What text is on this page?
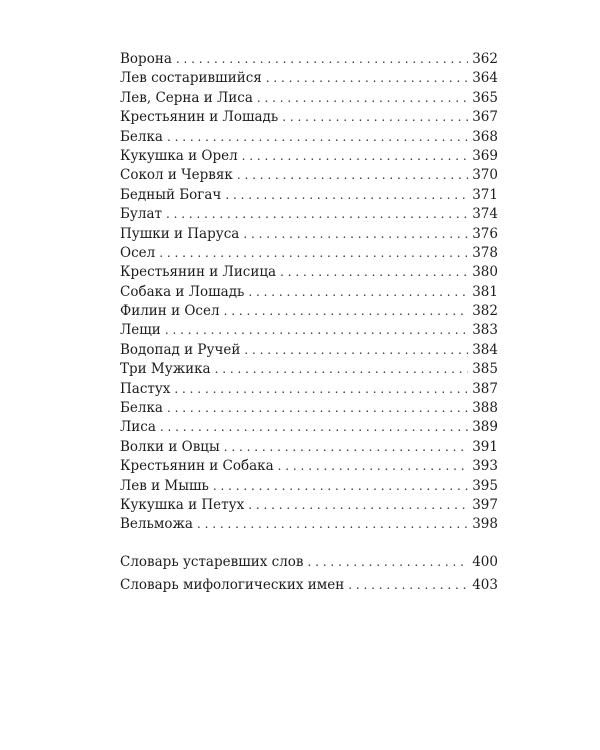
Ворона . . .	362
Лев состарившийся . . .	364
Лев, Серна и Лиса . . .	365
Крестьянин и Лошадь . . .	367
Белка . . .	368
Кукушка и Орел . . .	369
Сокол и Червяк . . .	370
Бедный Богач . . .	371
Булат . . .	374
Пушки и Паруса . . .	376
Осел . . .	378
Крестьянин и Лисица . . .	380
Собака и Лошадь . . .	381
Филин и Осел . . .	382
Лещи . . .	383
Водопад и Ручей . . .	384
Три Мужика . . .	385
Пастух . . .	387
Белка . . .	388
Лиса . . .	389
Волки и Овцы . . .	391
Крестьянин и Собака . . .	393
Лев и Мышь . . .	395
Кукушка и Петух . . .	397
Вельможа . . .	398
Словарь устаревших слов . . .	400
Словарь мифологических имен . . .	403
